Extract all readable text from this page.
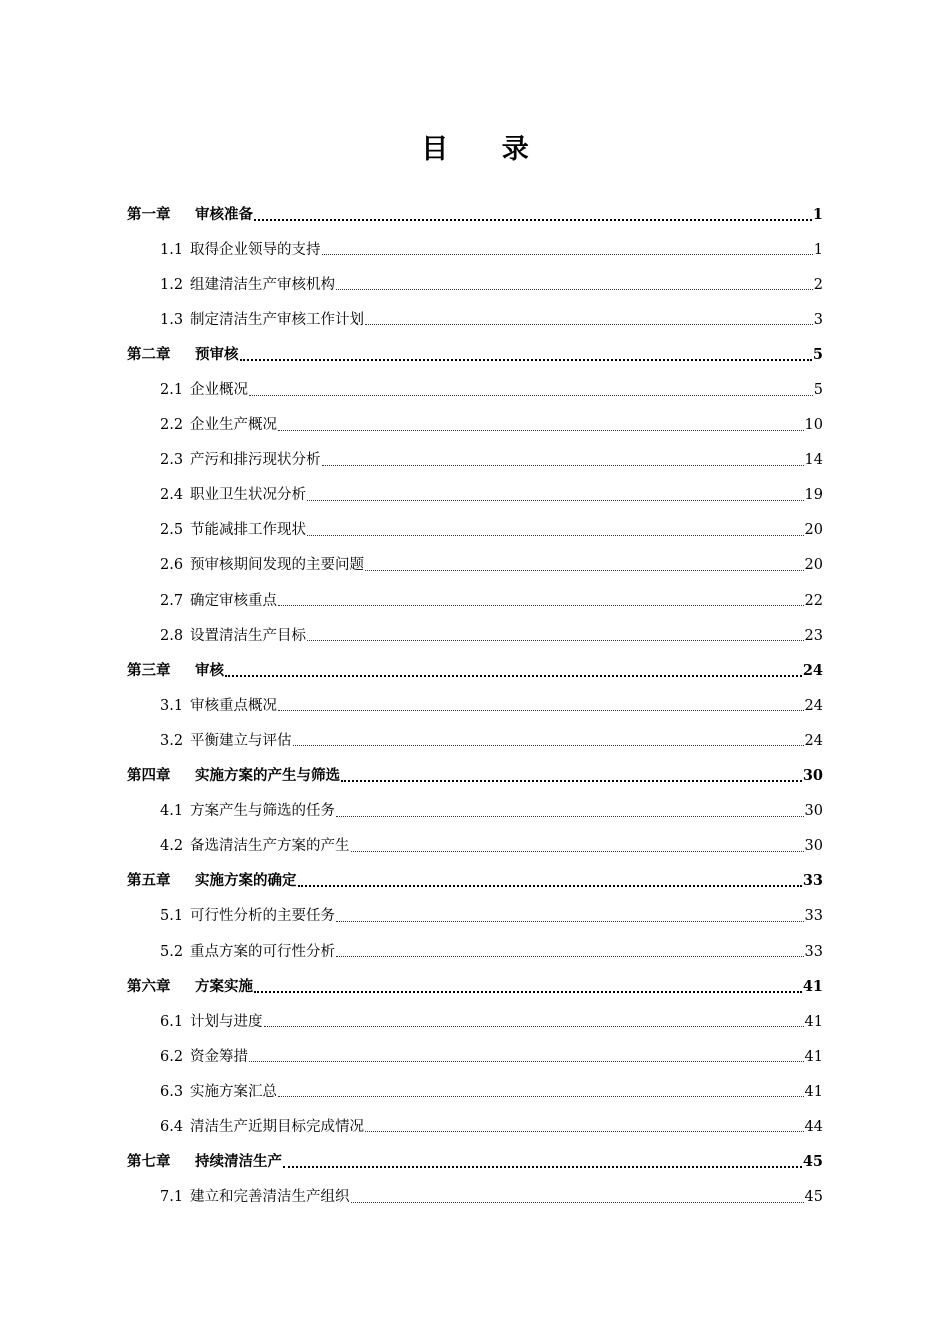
目 录
第一章	审核准备	1
1.1 取得企业领导的支持	1
1.2 组建清洁生产审核机构	2
1.3 制定清洁生产审核工作计划	3
第二章	预审核	5
2.1 企业概况	5
2.2 企业生产概况	10
2.3 产污和排污现状分析	14
2.4 职业卫生状况分析	19
2.5 节能减排工作现状	20
2.6 预审核期间发现的主要问题	20
2.7 确定审核重点	22
2.8 设置清洁生产目标	23
第三章	审核	24
3.1 审核重点概况	24
3.2 平衡建立与评估	24
第四章	实施方案的产生与筛选	30
4.1 方案产生与筛选的任务	30
4.2 备选清洁生产方案的产生	30
第五章	实施方案的确定	33
5.1 可行性分析的主要任务	33
5.2 重点方案的可行性分析	33
第六章	方案实施	41
6.1 计划与进度	41
6.2 资金筹措	41
6.3 实施方案汇总	41
6.4 清洁生产近期目标完成情况	44
第七章	持续清洁生产	45
7.1 建立和完善清洁生产组织	45
